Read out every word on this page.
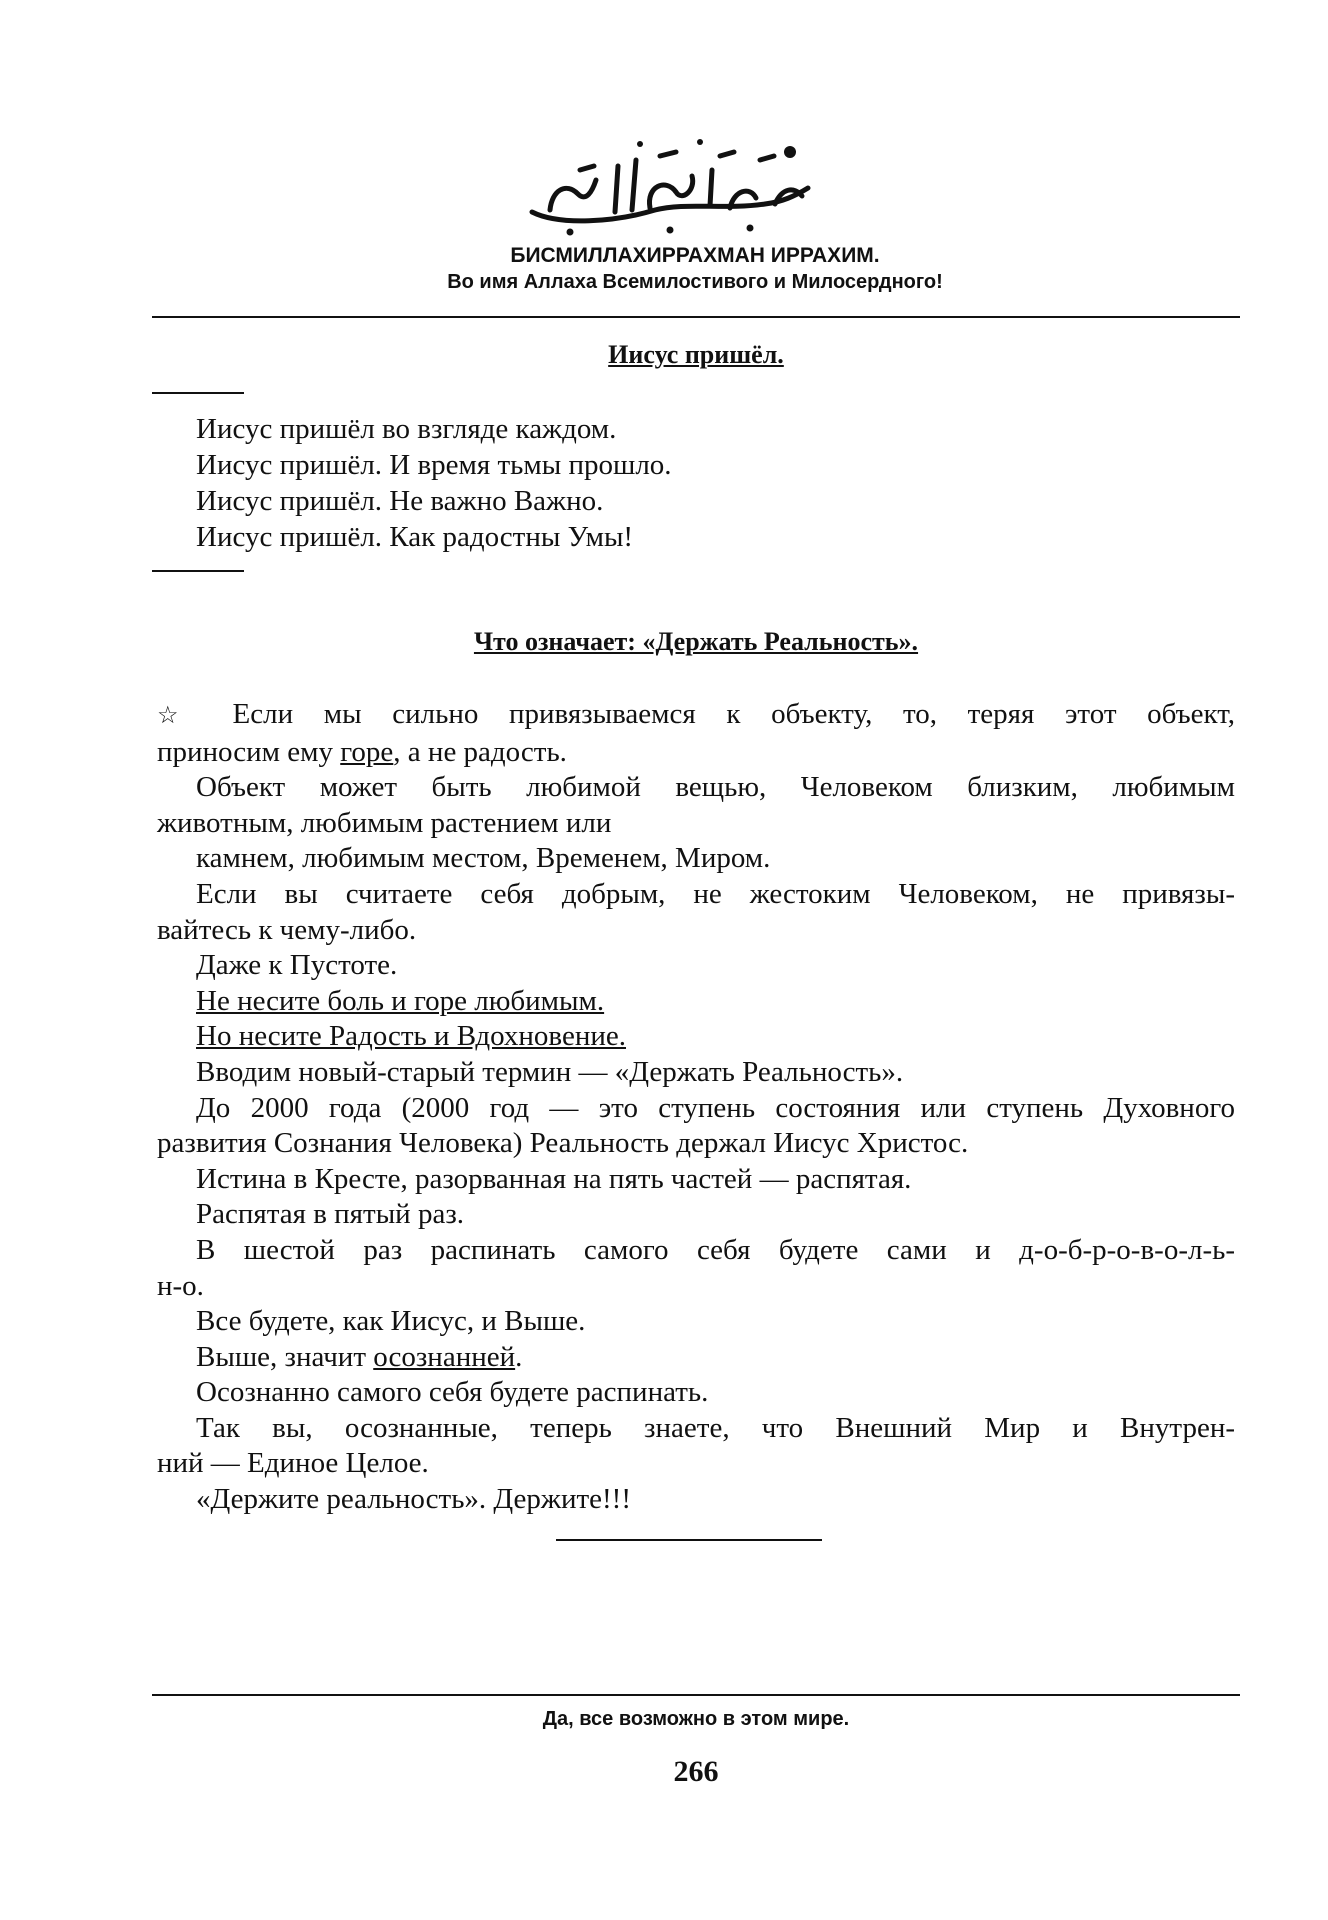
БИСМИЛЛАХИРРАХМАН ИРРАХИМ.
Во имя Аллаха Всемилостивого и Милосердного!
Иисус пришёл.
Иисус пришёл во взгляде каждом.
Иисус пришёл. И время тьмы прошло.
Иисус пришёл. Не важно Важно.
Иисус пришёл. Как радостны Умы!
Что означает: «Держать Реальность».

☆ Если мы сильно привязываемся к объекту, то, теряя этот объект,

приносим ему горе, а не радость.

Объект может быть любимой вещью, Человеком близким, любимым

животным, любимым растением или

камнем, любимым местом, Временем, Миром.

Если вы считаете себя добрым, не жестоким Человеком, не привязы-

вайтесь к чему-либо.

Даже к Пустоте.

Не несите боль и горе любимым.

Но несите Радость и Вдохновение.

Вводим новый-старый термин — «Держать Реальность».

До 2000 года (2000 год — это ступень состояния или ступень Духовного

развития Сознания Человека) Реальность держал Иисус Христос.

Истина в Кресте, разорванная на пять частей — распятая.

Распятая в пятый раз.

В шестой раз распинать самого себя будете сами и д-о-б-р-о-в-о-л-ь-

н-о.

Все будете, как Иисус, и Выше.

Выше, значит осознанней.

Осознанно самого себя будете распинать.

Так вы, осознанные, теперь знаете, что Внешний Мир и Внутрен-

ний — Единое Целое.

«Держите реальность». Держите!!!

Да, все возможно в этом мире.
266
